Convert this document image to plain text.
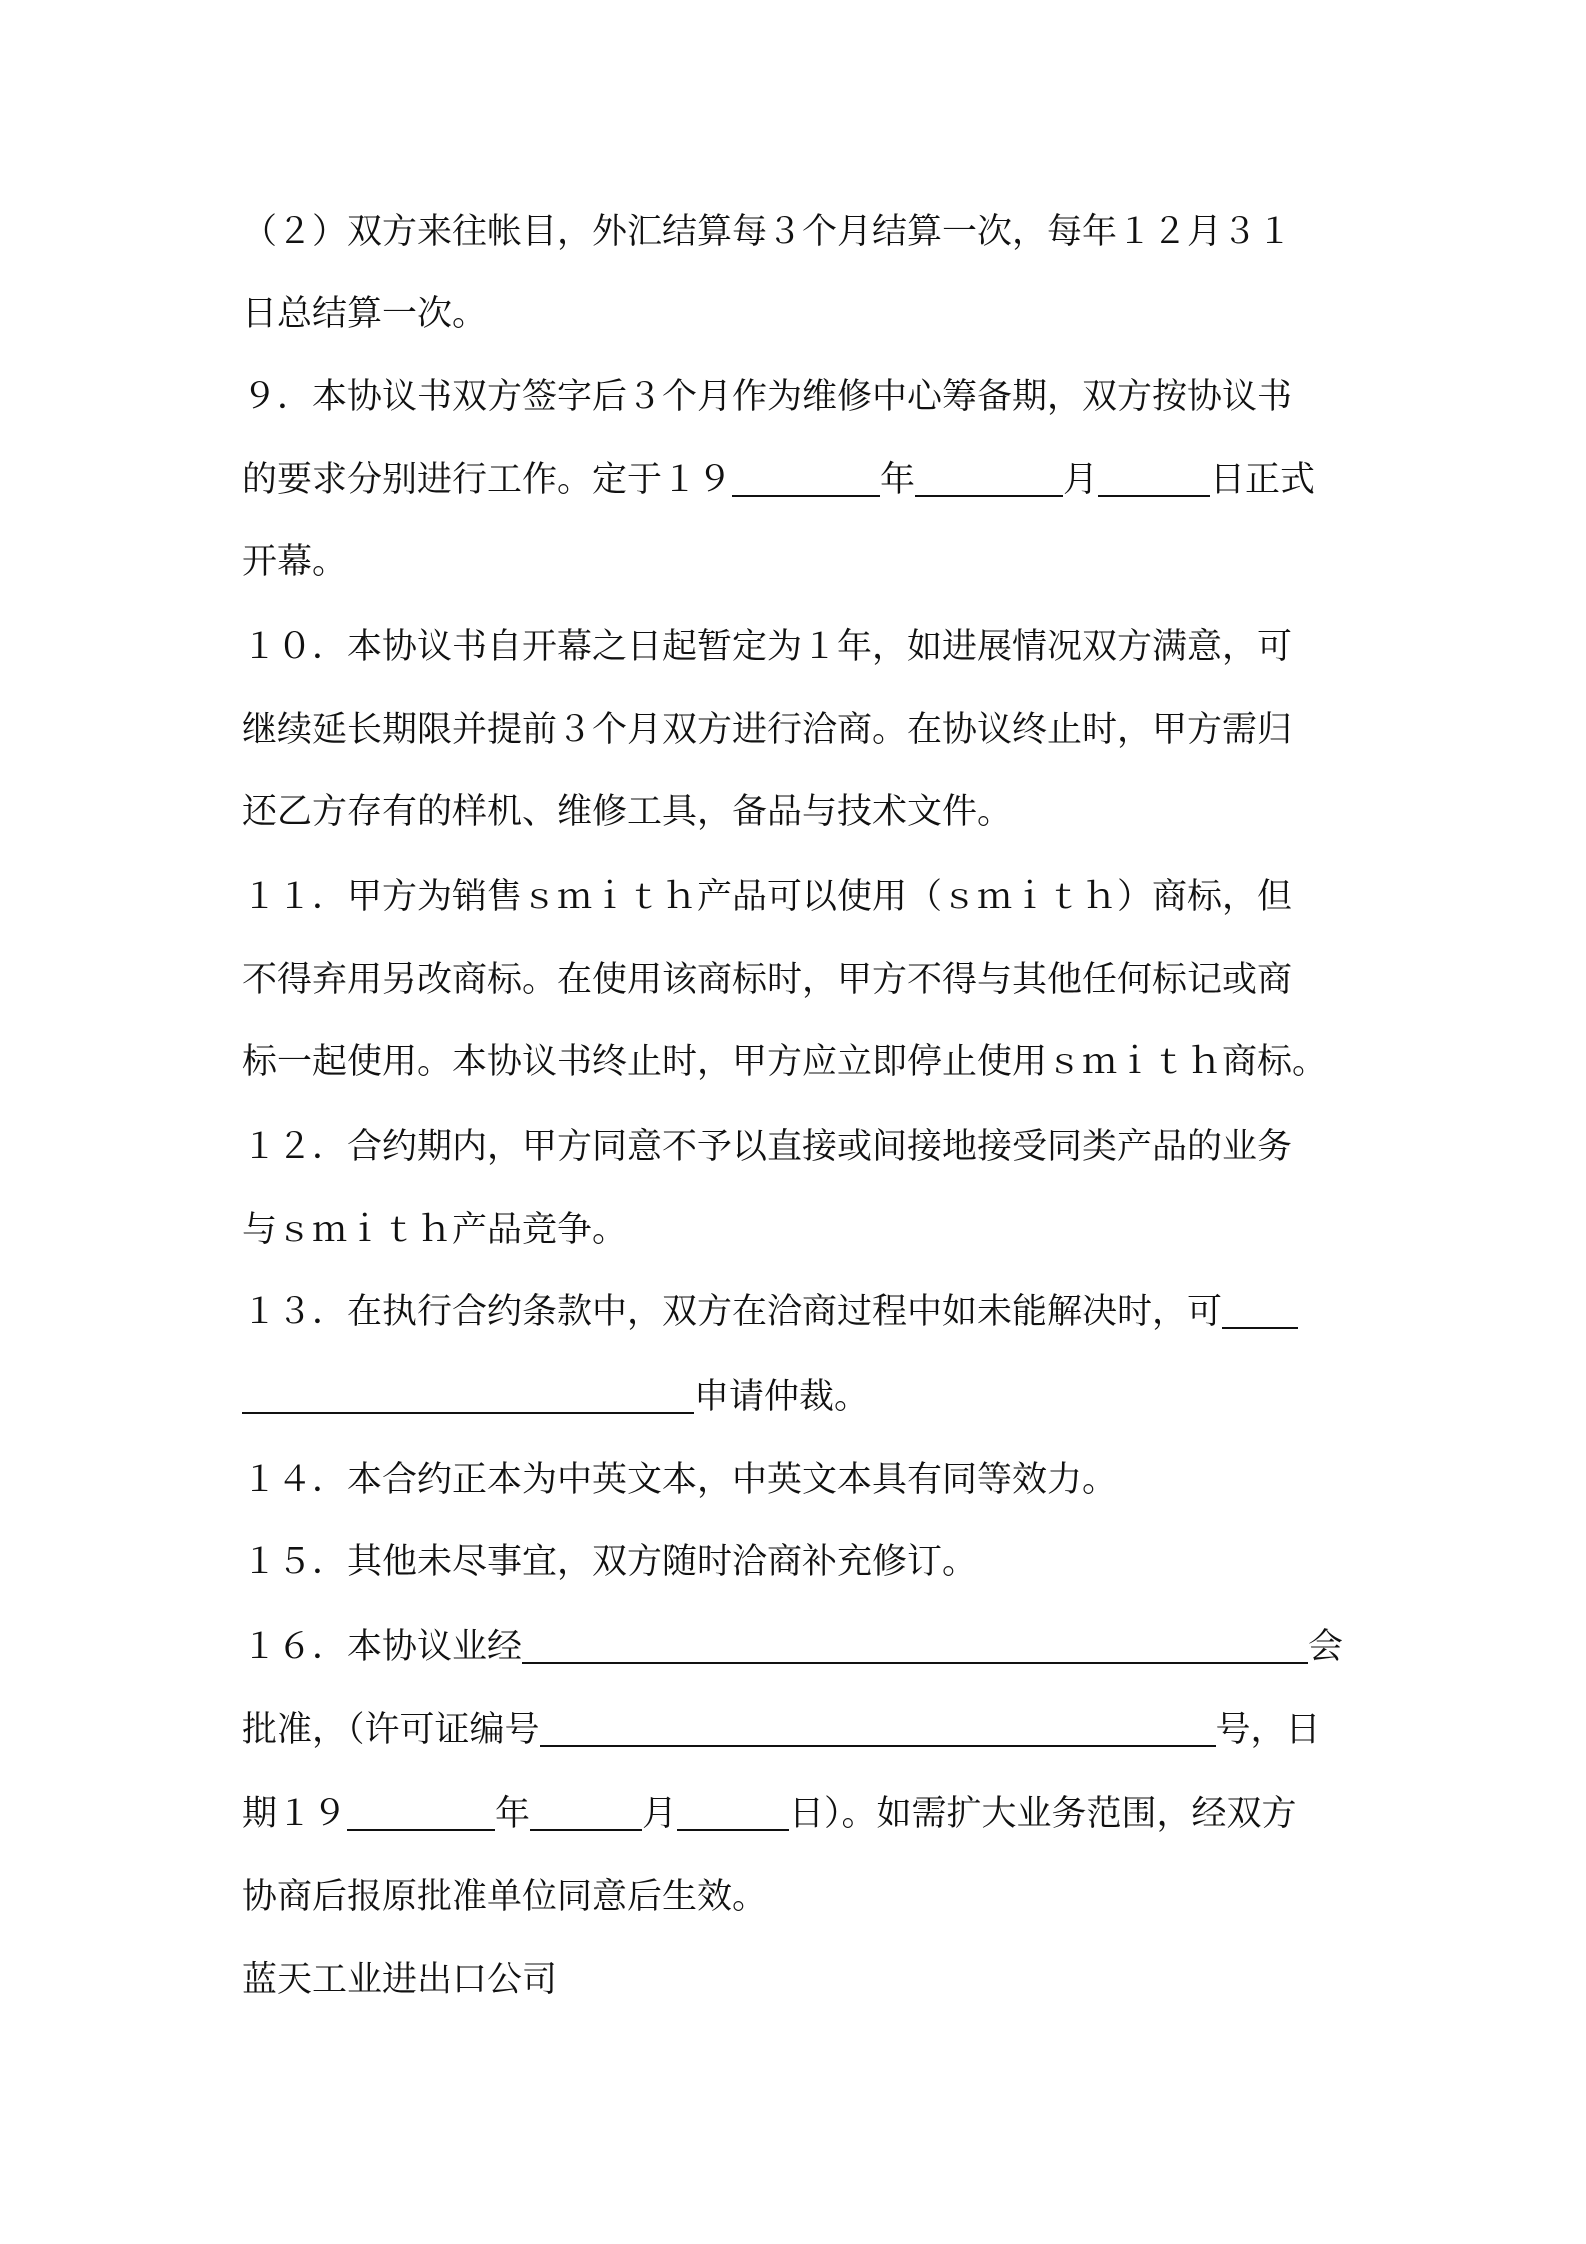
（２）双方来往帐目，外汇结算每３个月结算一次，每年１２月３１
日总结算一次。
９．本协议书双方签字后３个月作为维修中心筹备期，双方按协议书
的要求分别进行工作。定于１９	年	月	日正式
开幕。
１０．本协议书自开幕之日起暂定为１年，如进展情况双方满意，可
继续延长期限并提前３个月双方进行洽商。在协议终止时，甲方需归
还乙方存有的样机、维修工具，备品与技术文件。
１１．甲方为销售ｓｍｉｔｈ产品可以使用（ｓｍｉｔｈ）商标，但
不得弃用另改商标。在使用该商标时，甲方不得与其他任何标记或商
标一起使用。本协议书终止时，甲方应立即停止使用ｓｍｉｔｈ商标。
１２．合约期内，甲方同意不予以直接或间接地接受同类产品的业务
与ｓｍｉｔｈ产品竞争。
１３．在执行合约条款中，双方在洽商过程中如未能解决时，可
申请仲裁。
１４．本合约正本为中英文本，中英文本具有同等效力。
１５．其他未尽事宜，双方随时洽商补充修订。
１６．本协议业经	会
批准，（许可证编号	号，日
期１９	年	月	日）。如需扩大业务范围，经双方
协商后报原批准单位同意后生效。
蓝天工业进出口公司
